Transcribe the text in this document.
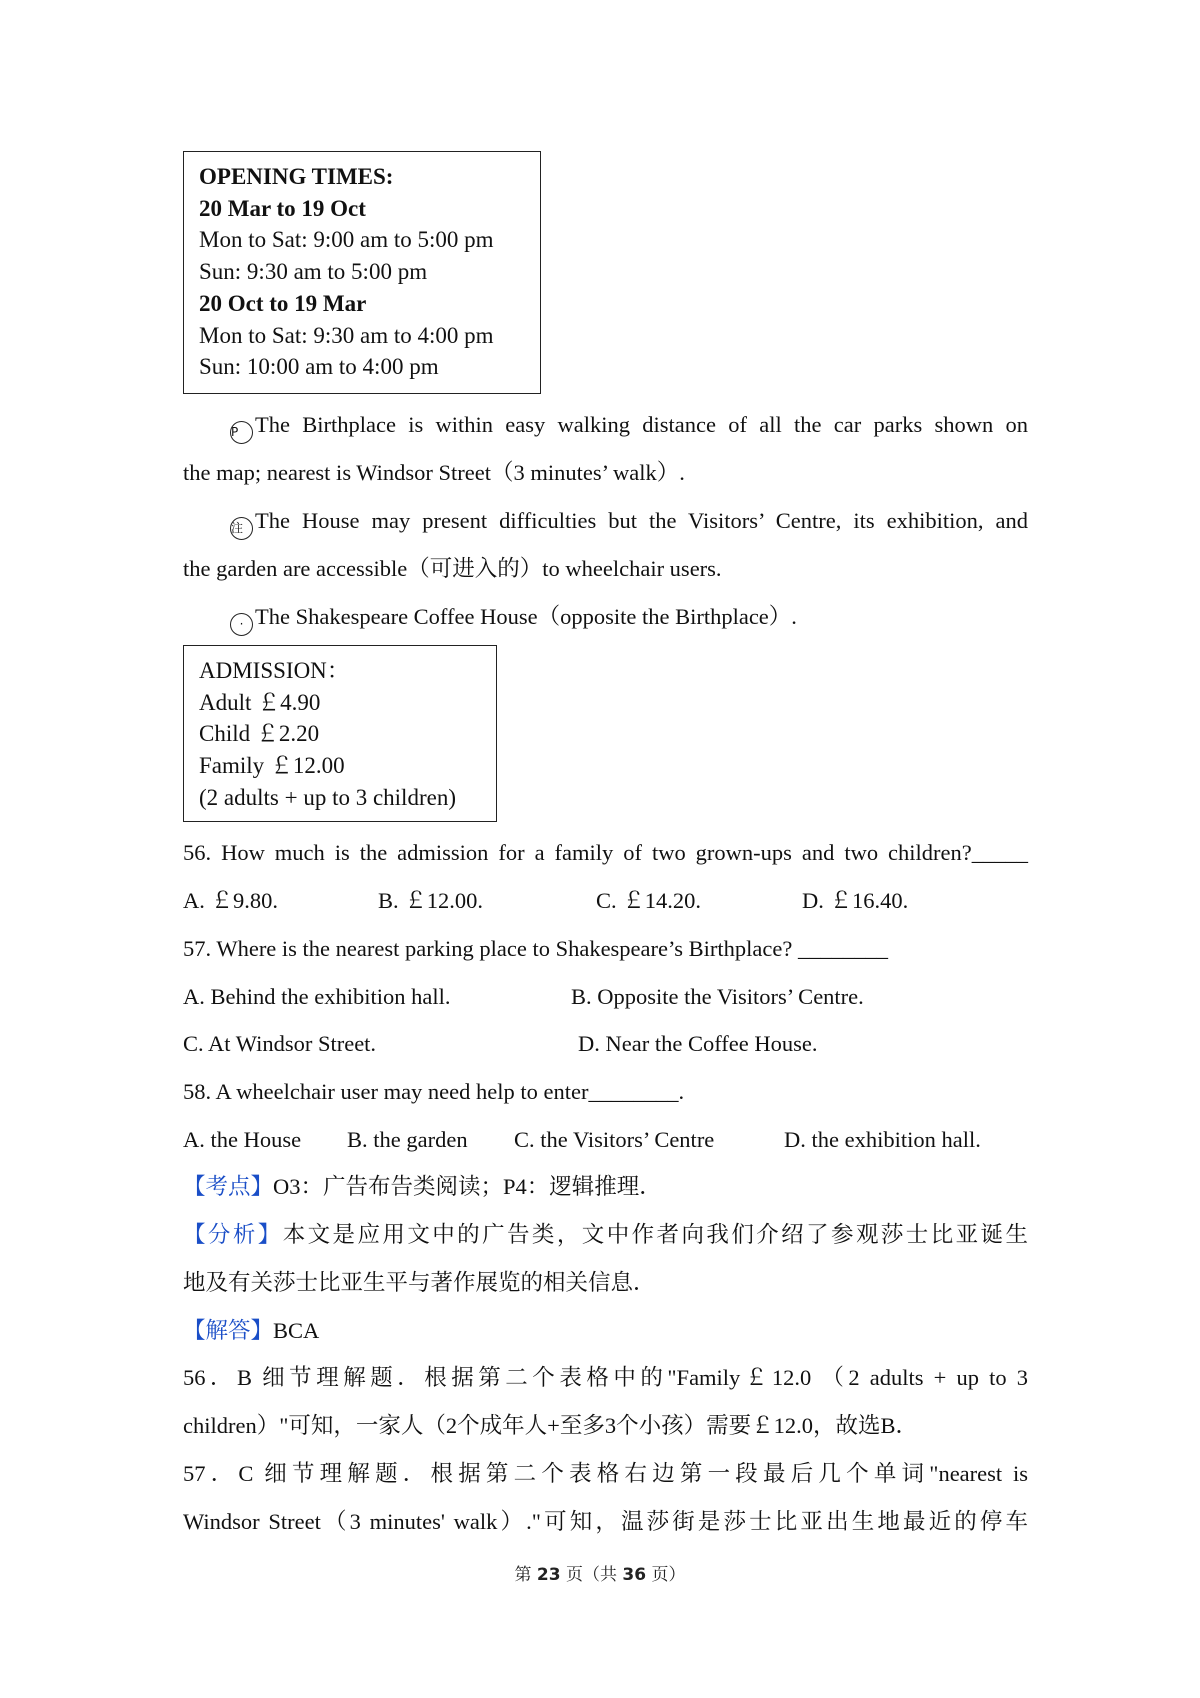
OPENING TIMES:
20 Mar to 19 Oct
Mon to Sat: 9:00 am to 5:00 pm
Sun: 9:30 am to 5:00 pm
20 Oct to 19 Mar
Mon to Sat: 9:30 am to 4:00 pm
Sun: 10:00 am to 4:00 pm
P The Birthplace is within easy walking distance of all the car parks shown on
the map; nearest is Windsor Street（3 minutes’ walk）.
注 The House may present difficulties but the Visitors’ Centre, its exhibition, and
the garden are accessible（可进入的）to wheelchair users.
· The Shakespeare Coffee House（opposite the Birthplace）.
ADMISSION：
Adult ￡4.90
Child ￡2.20
Family ￡12.00
(2 adults + up to 3 children)
56. How much is the admission for a family of two grown-ups and two children?_____
A. ￡9.80.	B. ￡12.00.	C. ￡14.20.	D. ￡16.40.
57. Where is the nearest parking place to Shakespeare’s Birthplace? ________
A. Behind the exhibition hall.	B. Opposite the Visitors’ Centre.
C. At Windsor Street.	D. Near the Coffee House.
58. A wheelchair user may need help to enter________.
A. the House B. the garden C. the Visitors’ Centre	D. the exhibition hall.
【考点】O3：广告布告类阅读；P4：逻辑推理．
【分析】本文是应用文中的广告类，文中作者向我们介绍了参观莎士比亚诞生
地及有关莎士比亚生平与著作展览的相关信息．
【解答】BCA
56．B 细节理解题．根据第二个表格中的"Family￡12.0 （2 adults + up to 3
children）"可知，一家人（2个成年人+至多3个小孩）需要￡12.0，故选B．
57．C 细节理解题．根据第二个表格右边第一段最后几个单词"nearest is
Windsor Street（3 minutes' walk）."可知，温莎街是莎士比亚出生地最近的停车
第 23 页（共 36 页）
